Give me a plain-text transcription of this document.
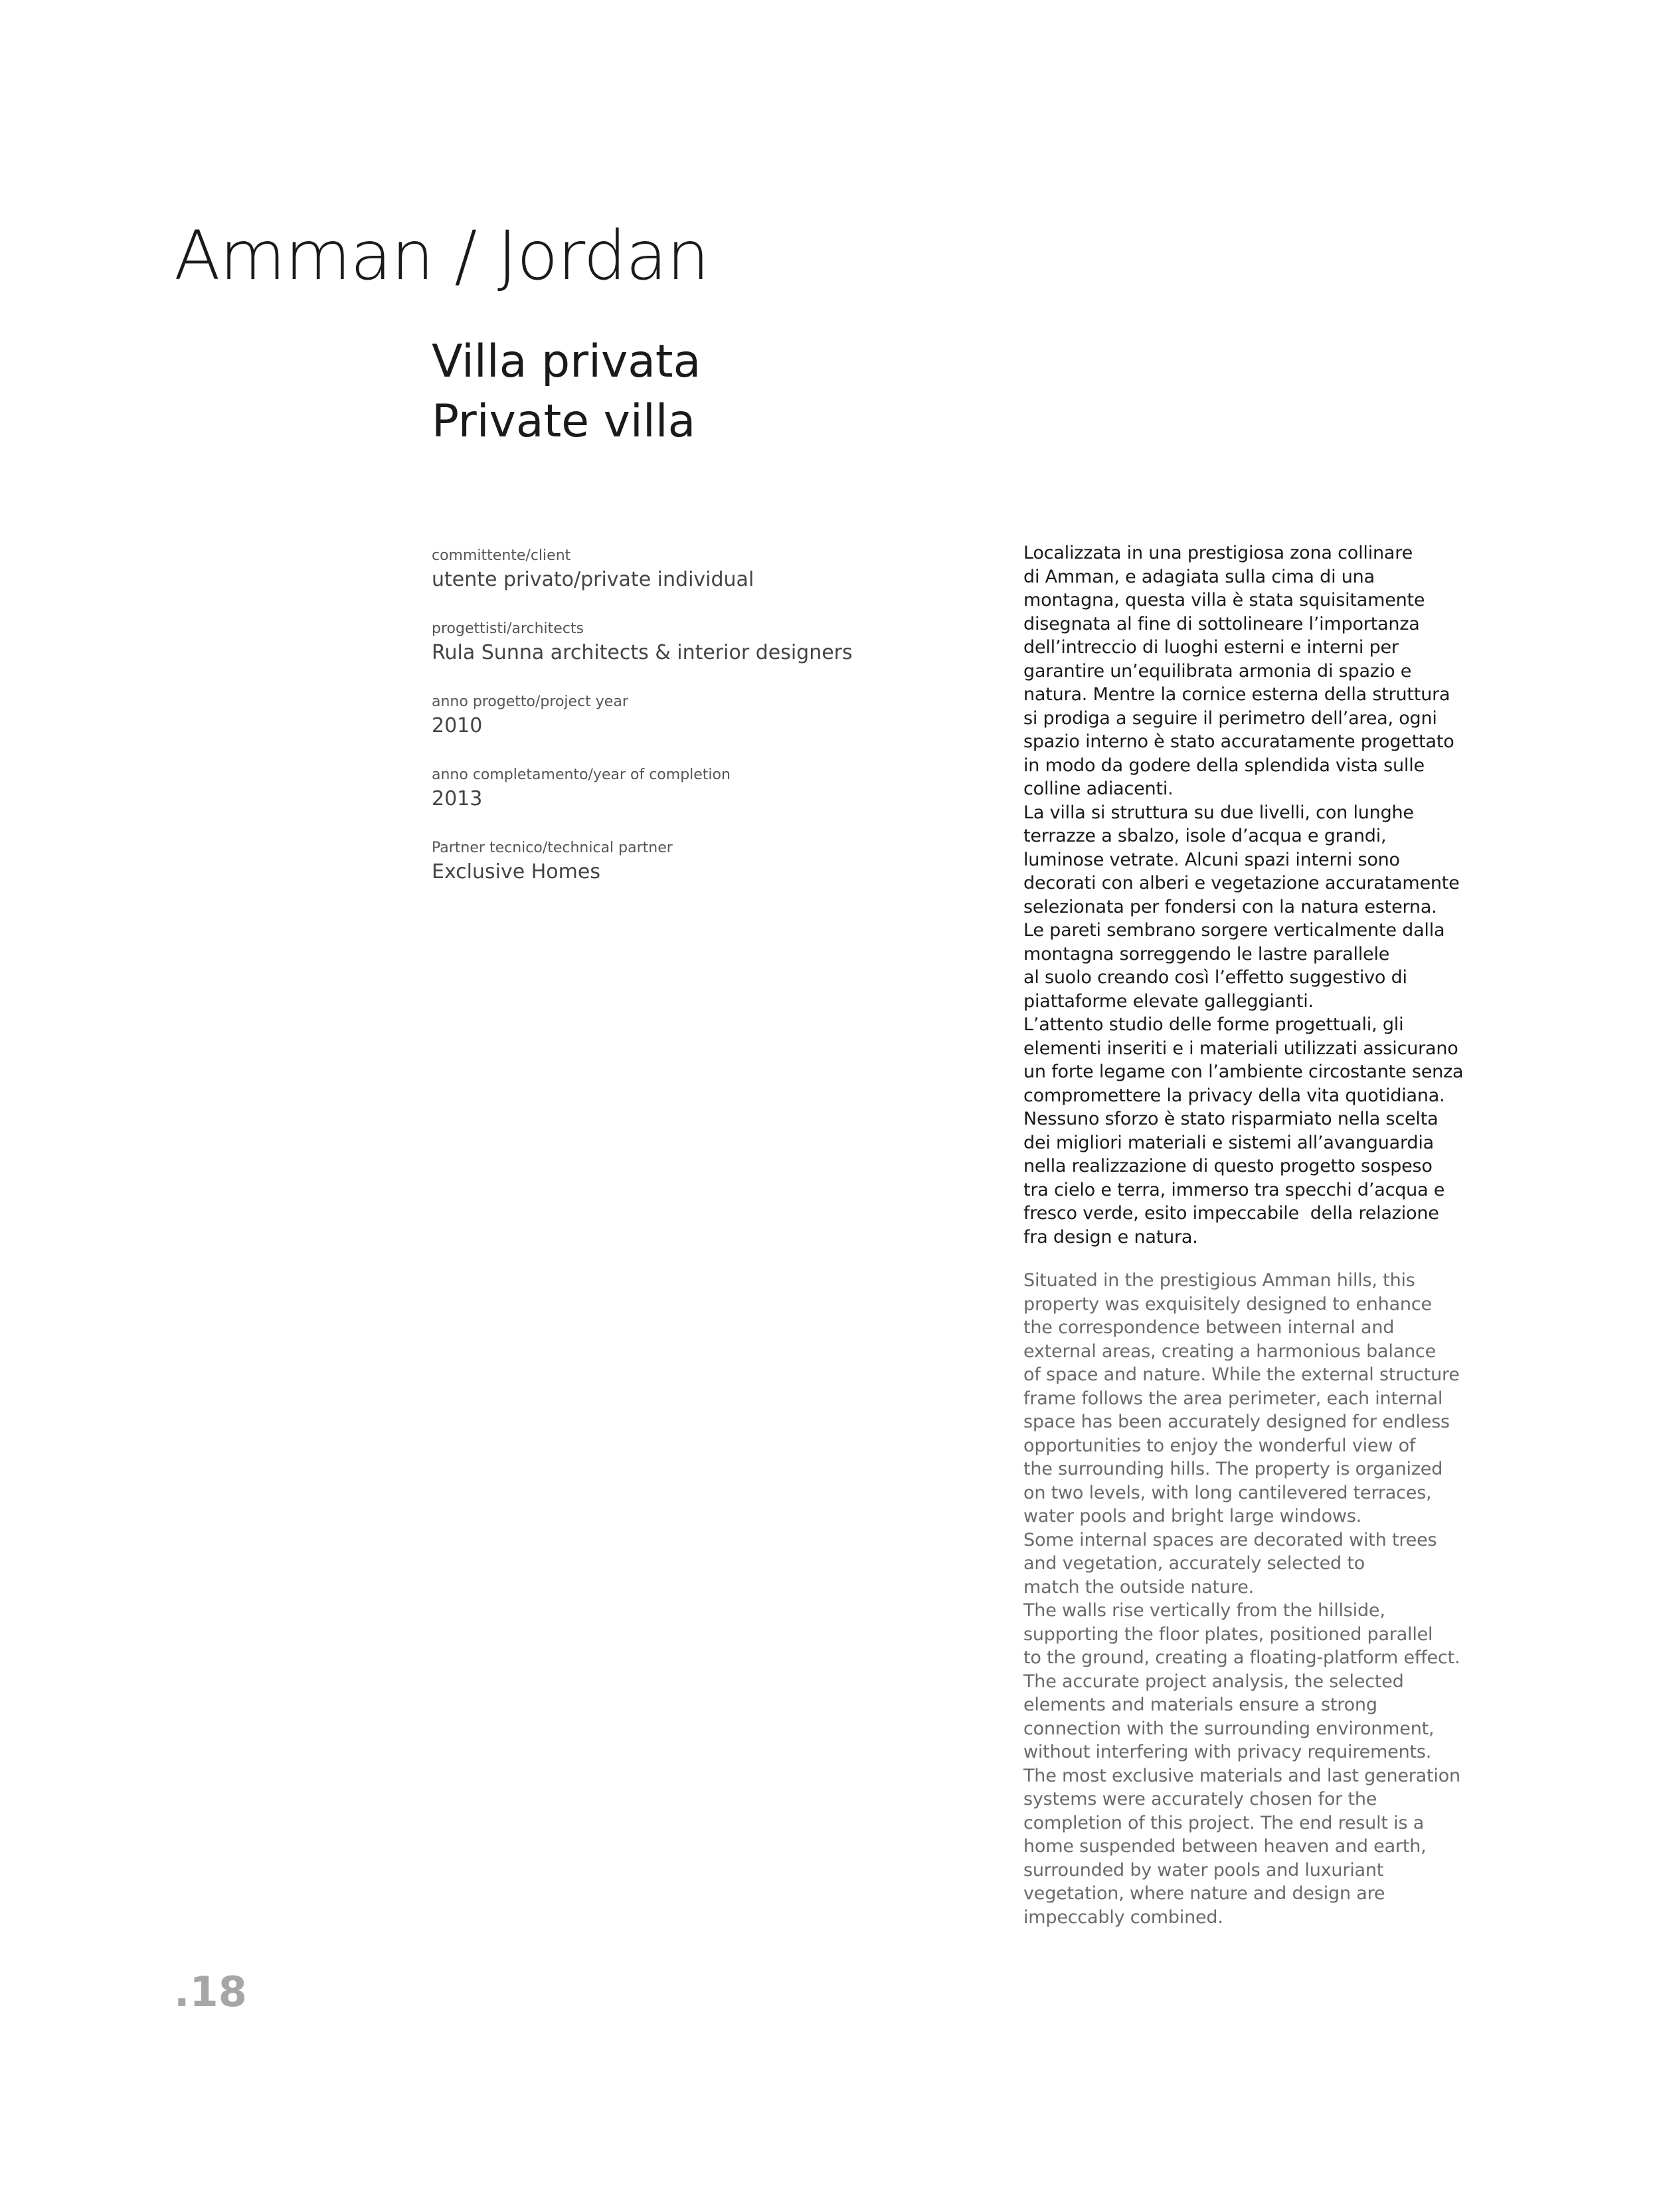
Amman / Jordan
Villa privata
Private villa
committente/client
utente privato/private individual
progettisti/architects
Rula Sunna architects & interior designers
anno progetto/project year
2010
anno completamento/year of completion
2013
Partner tecnico/technical partner
Exclusive Homes
Localizzata in una prestigiosa zona collinare
di Amman, e adagiata sulla cima di una
montagna, questa villa è stata squisitamente
disegnata al fine di sottolineare l’importanza
dell’intreccio di luoghi esterni e interni per
garantire un’equilibrata armonia di spazio e
natura. Mentre la cornice esterna della struttura
si prodiga a seguire il perimetro dell’area, ogni
spazio interno è stato accuratamente progettato
in modo da godere della splendida vista sulle
colline adiacenti.
La villa si struttura su due livelli, con lunghe
terrazze a sbalzo, isole d’acqua e grandi,
luminose vetrate. Alcuni spazi interni sono
decorati con alberi e vegetazione accuratamente
selezionata per fondersi con la natura esterna.
Le pareti sembrano sorgere verticalmente dalla
montagna sorreggendo le lastre parallele
al suolo creando così l’effetto suggestivo di
piattaforme elevate galleggianti.
L’attento studio delle forme progettuali, gli
elementi inseriti e i materiali utilizzati assicurano
un forte legame con l’ambiente circostante senza
compromettere la privacy della vita quotidiana.
Nessuno sforzo è stato risparmiato nella scelta
dei migliori materiali e sistemi all’avanguardia
nella realizzazione di questo progetto sospeso
tra cielo e terra, immerso tra specchi d’acqua e
fresco verde, esito impeccabile  della relazione
fra design e natura.
Situated in the prestigious Amman hills, this
property was exquisitely designed to enhance
the correspondence between internal and
external areas, creating a harmonious balance
of space and nature. While the external structure
frame follows the area perimeter, each internal
space has been accurately designed for endless
opportunities to enjoy the wonderful view of
the surrounding hills. The property is organized
on two levels, with long cantilevered terraces,
water pools and bright large windows.
Some internal spaces are decorated with trees
and vegetation, accurately selected to
match the outside nature.
The walls rise vertically from the hillside,
supporting the floor plates, positioned parallel
to the ground, creating a floating-platform effect.
The accurate project analysis, the selected
elements and materials ensure a strong
connection with the surrounding environment,
without interfering with privacy requirements.
The most exclusive materials and last generation
systems were accurately chosen for the
completion of this project. The end result is a
home suspended between heaven and earth,
surrounded by water pools and luxuriant
vegetation, where nature and design are
impeccably combined.
.18
